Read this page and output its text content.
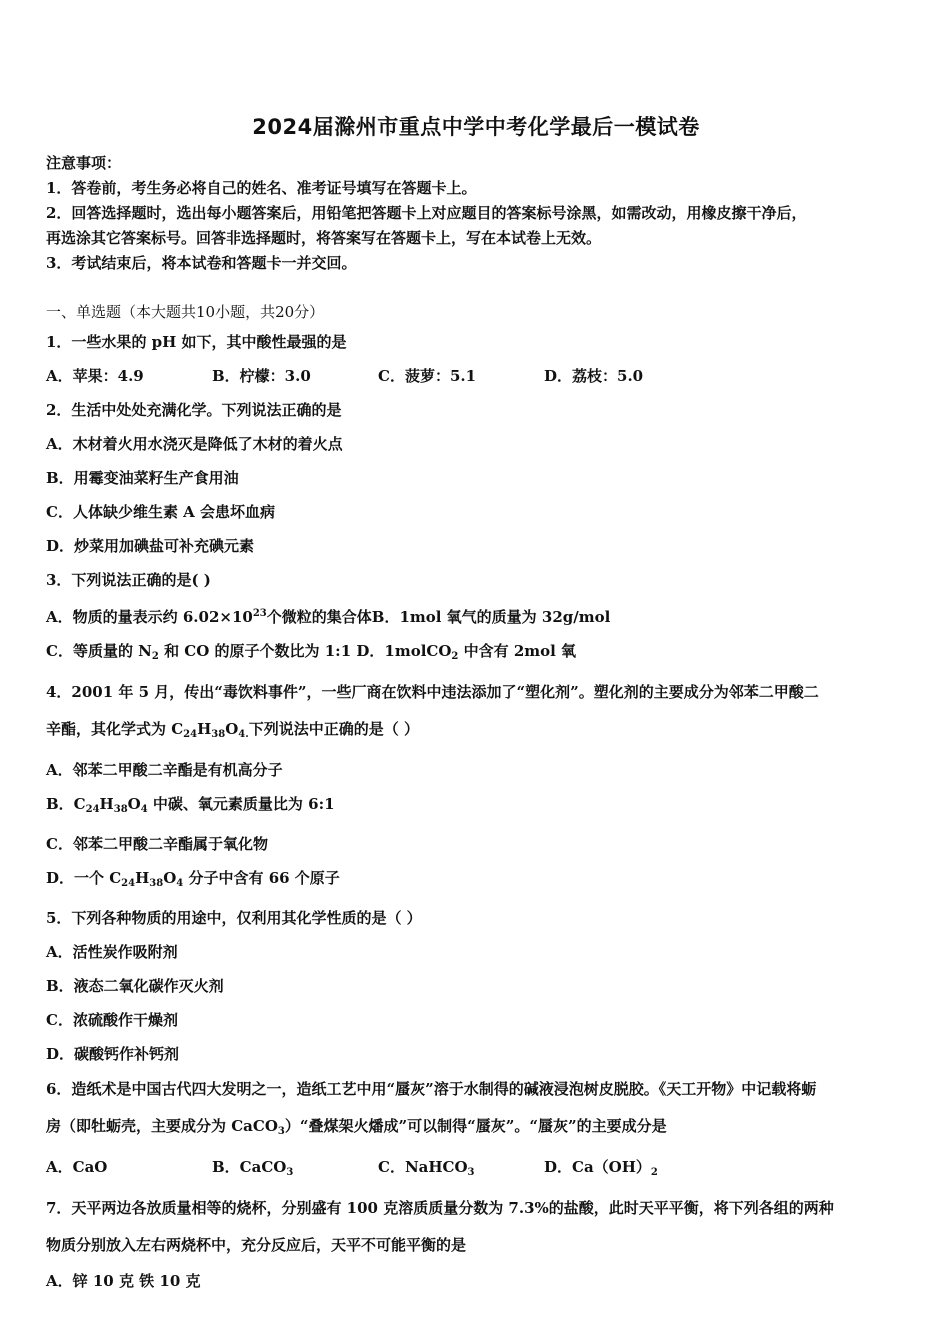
2024届滁州市重点中学中考化学最后一模试卷
注意事项：
1．答卷前，考生务必将自己的姓名、准考证号填写在答题卡上。
2．回答选择题时，选出每小题答案后，用铅笔把答题卡上对应题目的答案标号涂黑，如需改动，用橡皮擦干净后，
再选涂其它答案标号。回答非选择题时，将答案写在答题卡上，写在本试卷上无效。
3．考试结束后，将本试卷和答题卡一并交回。
一、单选题（本大题共10小题，共20分）
1．一些水果的 pH 如下，其中酸性最强的是
A．苹果：4.9	B．柠檬：3.0	C．菠萝：5.1	D．荔枝：5.0
2．生活中处处充满化学。下列说法正确的是
A．木材着火用水浇灭是降低了木材的着火点
B．用霉变油菜籽生产食用油
C．人体缺少维生素 A 会患坏血病
D．炒菜用加碘盐可补充碘元素
3．下列说法正确的是( )
A．物质的量表示约 $6.02\times 10^{23}$个微粒的集合体B．1mol 氧气的质量为 32g/mol
C．等质量的 $N_2$ 和 CO 的原子个数比为 1:1 D．1molCO$_2$ 中含有 2mol 氧
4．2001 年 5 月，传出“毒饮料事件”，一些厂商在饮料中违法添加了“塑化剂”。塑化剂的主要成分为邻苯二甲酸二
辛酯，其化学式为 $C_{24}H_{38}O_{4.}$下列说法中正确的是（ ）
A．邻苯二甲酸二辛酯是有机高分子
B．$C_{24}H_{38}O_4$ 中碳、氧元素质量比为 6:1
C．邻苯二甲酸二辛酯属于氧化物
D．一个 $C_{24}H_{38}O_4$ 分子中含有 66 个原子
5．下列各种物质的用途中，仅利用其化学性质的是（ ）
A．活性炭作吸附剂
B．液态二氧化碳作灭火剂
C．浓硫酸作干燥剂
D．碳酸钙作补钙剂
6．造纸术是中国古代四大发明之一，造纸工艺中用“蜃灰”溶于水制得的碱液浸泡树皮脱胶。《天工开物》中记载将蛎
房（即牡蛎壳，主要成分为 CaCO$_3$）“叠煤架火燔成”可以制得“蜃灰”。“蜃灰”的主要成分是
A．CaO	B．CaCO$_3$	C．NaHCO$_3$	D．$Ca(OH)_2$
7．天平两边各放质量相等的烧杯，分别盛有 100 克溶质质量分数为 7.3%的盐酸，此时天平平衡，将下列各组的两种
物质分别放入左右两烧杯中，充分反应后，天平不可能平衡的是
A．锌 10 克 铁 10 克
